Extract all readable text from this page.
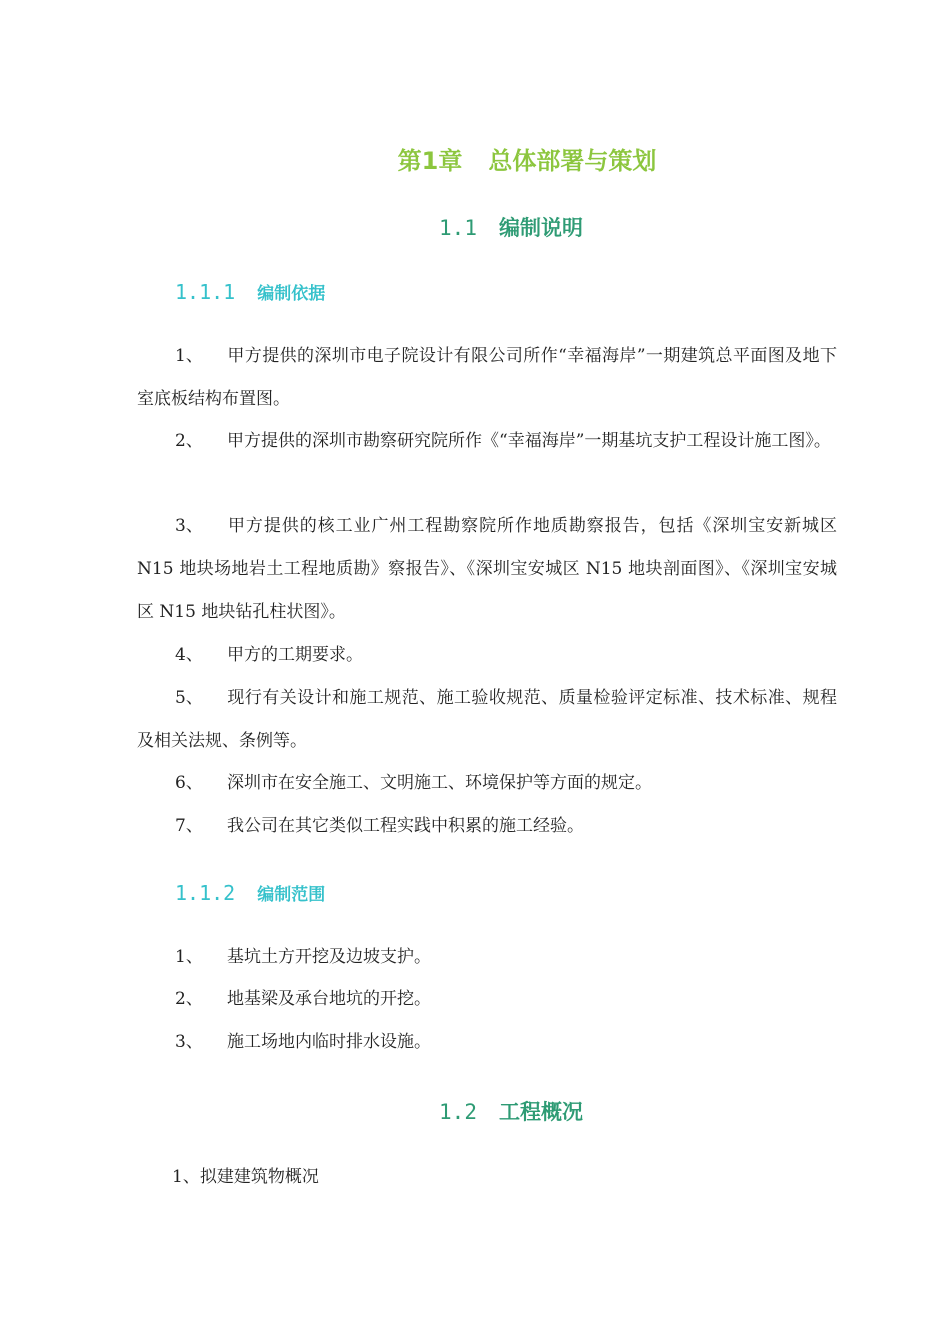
第1章 总体部署与策划
1.1 编制说明
1.1.1 编制依据
1、 甲方提供的深圳市电子院设计有限公司所作“幸福海岸”一期建筑总平面图及地下室底板结构布置图。
2、 甲方提供的深圳市勘察研究院所作《“幸福海岸”一期基坑支护工程设计施工图》。
3、 甲方提供的核工业广州工程勘察院所作地质勘察报告，包括《深圳宝安新城区 N15 地块场地岩土工程地质勘》察报告》、《深圳宝安城区 N15 地块剖面图》、《深圳宝安城区 N15 地块钻孔柱状图》。
4、 甲方的工期要求。
5、 现行有关设计和施工规范、施工验收规范、质量检验评定标准、技术标准、规程及相关法规、条例等。
6、 深圳市在安全施工、文明施工、环境保护等方面的规定。
7、 我公司在其它类似工程实践中积累的施工经验。
1.1.2 编制范围
1、 基坑土方开挖及边坡支护。
2、 地基梁及承台地坑的开挖。
3、 施工场地内临时排水设施。
1.2 工程概况
1、拟建建筑物概况
